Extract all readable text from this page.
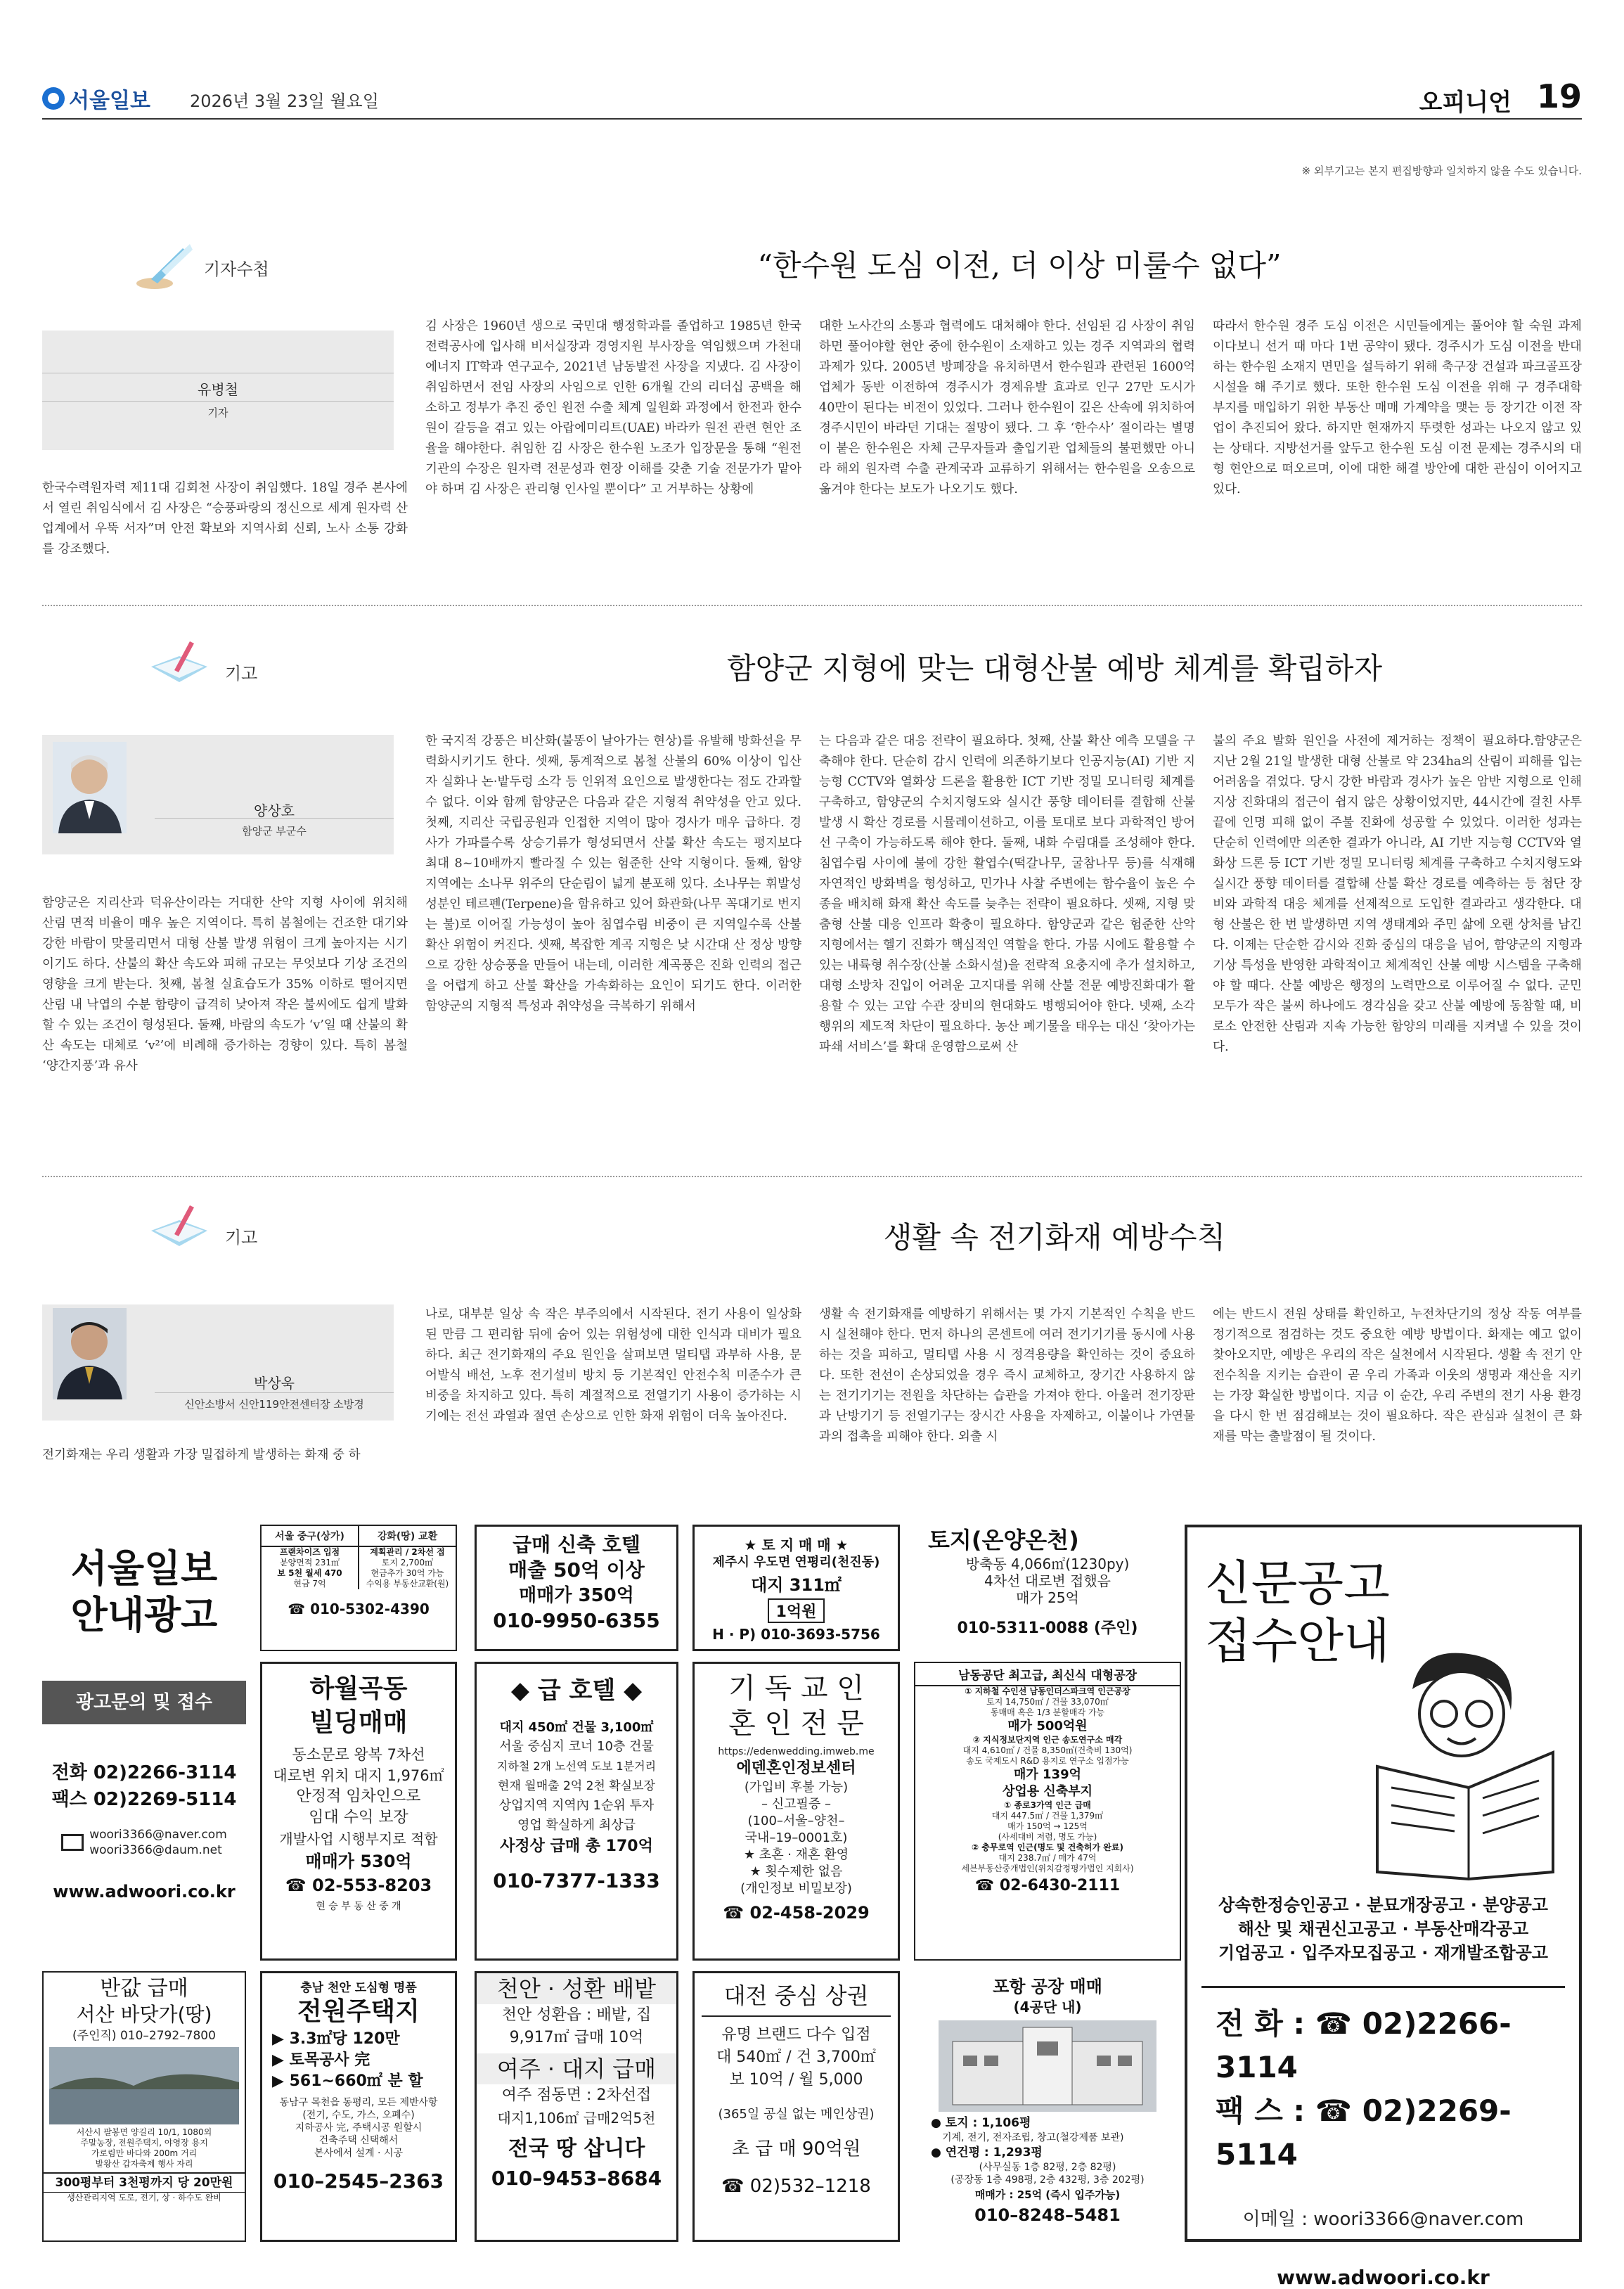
서울일보 2026년 3월 23일 월요일	오피니언 19
※ 외부기고는 본지 편집방향과 일치하지 않을 수도 있습니다.
기자수첩	“한수원 도심 이전, 더 이상 미룰수 없다”
유병철
기자
한국수력원자력 제11대 김회천 사장이 취임했다. 18일 경주 본사에서 열린 취임식에서 김 사장은 “승풍파랑의 정신으로 세계 원자력 산업계에서 우뚝 서자”며 안전 확보와 지역사회 신뢰, 노사 소통 강화를 강조했다.
김 사장은 1960년 생으로 국민대 행정학과를 졸업하고 1985년 한국전력공사에 입사해 비서실장과 경영지원 부사장을 역임했으며 가천대 에너지 IT학과 연구교수, 2021년 남동발전 사장을 지냈다. 김 사장이 취임하면서 전임 사장의 사임으로 인한 6개월 간의 리더십 공백을 해소하고 정부가 추진 중인 원전 수출 체계 일원화 과정에서 한전과 한수원이 갈등을 겪고 있는 아랍에미리트(UAE) 바라카 원전 관련 현안 조율을 해야한다. 취임한 김 사장은 한수원 노조가 입장문을 통해 “원전기관의 수장은 원자력 전문성과 현장 이해를 갖춘 기술 전문가가 맡아야 하며 김 사장은 관리형 인사일 뿐이다” 고 거부하는 상황에
대한 노사간의 소통과 협력에도 대처해야 한다. 선임된 김 사장이 취임하면 풀어야할 현안 중에 한수원이 소재하고 있는 경주 지역과의 협력 과제가 있다. 2005년 방폐장을 유치하면서 한수원과 관련된 1600억 업체가 동반 이전하여 경주시가 경제유발 효과로 인구 27만 도시가 40만이 된다는 비전이 있었다. 그러나 한수원이 깊은 산속에 위치하여 경주시민이 바라던 기대는 절망이 됐다. 그 후 ‘한수사’ 절이라는 별명이 붙은 한수원은 자체 근무자들과 출입기관 업체들의 불편했만 아니라 해외 원자력 수출 관계국과 교류하기 위해서는 한수원을 오송으로 옮겨야 한다는 보도가 나오기도 했다.
따라서 한수원 경주 도심 이전은 시민들에게는 풀어야 할 숙원 과제 이다보니 선거 때 마다 1번 공약이 됐다. 경주시가 도심 이전을 반대하는 한수원 소재지 면민을 설득하기 위해 축구장 건설과 파크골프장 시설을 해 주기로 했다. 또한 한수원 도심 이전을 위해 구 경주대학 부지를 매입하기 위한 부동산 매매 가계약을 맺는 등 장기간 이전 작업이 추진되어 왔다. 하지만 현재까지 뚜렷한 성과는 나오지 않고 있는 상태다. 지방선거를 앞두고 한수원 도심 이전 문제는 경주시의 대형 현안으로 떠오르며, 이에 대한 해결 방안에 대한 관심이 이어지고 있다.
기고	함양군 지형에 맞는 대형산불 예방 체계를 확립하자
양상호
함양군 부군수
함양군은 지리산과 덕유산이라는 거대한 산악 지형 사이에 위치해 산림 면적 비율이 매우 높은 지역이다. 특히 봄철에는 건조한 대기와 강한 바람이 맞물리면서 대형 산불 발생 위험이 크게 높아지는 시기이기도 하다. 산불의 확산 속도와 피해 규모는 무엇보다 기상 조건의 영향을 크게 받는다. 첫째, 봄철 실효습도가 35% 이하로 떨어지면 산림 내 낙엽의 수분 함량이 급격히 낮아져 작은 불씨에도 쉽게 발화할 수 있는 조건이 형성된다. 둘째, 바람의 속도가 ‘v’일 때 산불의 확산 속도는 대체로 ‘v²’에 비례해 증가하는 경향이 있다. 특히 봄철 ‘양간지풍’과 유사
한 국지적 강풍은 비산화(불똥이 날아가는 현상)를 유발해 방화선을 무력화시키기도 한다. 셋째, 통계적으로 봄철 산불의 60% 이상이 입산자 실화나 논·밭두렁 소각 등 인위적 요인으로 발생한다는 점도 간과할 수 없다. 이와 함께 함양군은 다음과 같은 지형적 취약성을 안고 있다. 첫째, 지리산 국립공원과 인접한 지역이 많아 경사가 매우 급하다. 경사가 가파를수록 상승기류가 형성되면서 산불 확산 속도는 평지보다 최대 8~10배까지 빨라질 수 있는 험준한 산악 지형이다. 둘째, 함양 지역에는 소나무 위주의 단순림이 넓게 분포해 있다. 소나무는 휘발성 성분인 테르펜(Terpene)을 함유하고 있어 화관화(나무 꼭대기로 번지는 불)로 이어질 가능성이 높아 침엽수림 비중이 큰 지역일수록 산불 확산 위험이 커진다. 셋째, 복잡한 계곡 지형은 낮 시간대 산 정상 방향으로 강한 상승풍을 만들어 내는데, 이러한 계곡풍은 진화 인력의 접근을 어렵게 하고 산불 확산을 가속화하는 요인이 되기도 한다. 이러한 함양군의 지형적 특성과 취약성을 극복하기 위해서
는 다음과 같은 대응 전략이 필요하다. 첫째, 산불 확산 예측 모델을 구축해야 한다. 단순히 감시 인력에 의존하기보다 인공지능(AI) 기반 지능형 CCTV와 열화상 드론을 활용한 ICT 기반 정밀 모니터링 체계를 구축하고, 함양군의 수치지형도와 실시간 풍향 데이터를 결합해 산불 발생 시 확산 경로를 시뮬레이션하고, 이를 토대로 보다 과학적인 방어선 구축이 가능하도록 해야 한다. 둘째, 내화 수림대를 조성해야 한다. 침엽수림 사이에 불에 강한 활엽수(떡갈나무, 굴참나무 등)를 식재해 자연적인 방화벽을 형성하고, 민가나 사찰 주변에는 함수율이 높은 수종을 배치해 화재 확산 속도를 늦추는 전략이 필요하다. 셋째, 지형 맞춤형 산불 대응 인프라 확충이 필요하다. 함양군과 같은 험준한 산악 지형에서는 헬기 진화가 핵심적인 역할을 한다. 가뭄 시에도 활용할 수 있는 내륙형 취수장(산불 소화시설)을 전략적 요충지에 추가 설치하고, 대형 소방차 진입이 어려운 고지대를 위해 산불 전문 예방진화대가 활용할 수 있는 고압 수관 장비의 현대화도 병행되어야 한다. 넷째, 소각 행위의 제도적 차단이 필요하다. 농산 폐기물을 태우는 대신 ‘찾아가는 파쇄 서비스’를 확대 운영함으로써 산
불의 주요 발화 원인을 사전에 제거하는 정책이 필요하다.함양군은 지난 2월 21일 발생한 대형 산불로 약 234ha의 산림이 피해를 입는 어려움을 겪었다. 당시 강한 바람과 경사가 높은 암반 지형으로 인해 지상 진화대의 접근이 쉽지 않은 상황이었지만, 44시간에 걸친 사투 끝에 인명 피해 없이 주불 진화에 성공할 수 있었다. 이러한 성과는 단순히 인력에만 의존한 결과가 아니라, AI 기반 지능형 CCTV와 열화상 드론 등 ICT 기반 정밀 모니터링 체계를 구축하고 수치지형도와 실시간 풍향 데이터를 결합해 산불 확산 경로를 예측하는 등 첨단 장비와 과학적 대응 체계를 선제적으로 도입한 결과라고 생각한다. 대형 산불은 한 번 발생하면 지역 생태계와 주민 삶에 오랜 상처를 남긴다. 이제는 단순한 감시와 진화 중심의 대응을 넘어, 함양군의 지형과 기상 특성을 반영한 과학적이고 체계적인 산불 예방 시스템을 구축해야 할 때다. 산불 예방은 행정의 노력만으로 이루어질 수 없다. 군민 모두가 작은 불씨 하나에도 경각심을 갖고 산불 예방에 동참할 때, 비로소 안전한 산림과 지속 가능한 함양의 미래를 지켜낼 수 있을 것이다.
기고	생활 속 전기화재 예방수칙
박상욱
신안소방서 신안119안전센터장 소방경
전기화재는 우리 생활과 가장 밀접하게 발생하는 화재 중 하
나로, 대부분 일상 속 작은 부주의에서 시작된다. 전기 사용이 일상화된 만큼 그 편리함 뒤에 숨어 있는 위험성에 대한 인식과 대비가 필요하다. 최근 전기화재의 주요 원인을 살펴보면 멀티탭 과부하 사용, 문어발식 배선, 노후 전기설비 방치 등 기본적인 안전수칙 미준수가 큰 비중을 차지하고 있다. 특히 계절적으로 전열기기 사용이 증가하는 시기에는 전선 과열과 절연 손상으로 인한 화재 위험이 더욱 높아진다.
생활 속 전기화재를 예방하기 위해서는 몇 가지 기본적인 수칙을 반드시 실천해야 한다. 먼저 하나의 콘센트에 여러 전기기기를 동시에 사용하는 것을 피하고, 멀티탭 사용 시 정격용량을 확인하는 것이 중요하다. 또한 전선이 손상되었을 경우 즉시 교체하고, 장기간 사용하지 않는 전기기기는 전원을 차단하는 습관을 가져야 한다. 아울러 전기장판과 난방기기 등 전열기구는 장시간 사용을 자제하고, 이불이나 가연물과의 접촉을 피해야 한다. 외출 시
에는 반드시 전원 상태를 확인하고, 누전차단기의 정상 작동 여부를 정기적으로 점검하는 것도 중요한 예방 방법이다. 화재는 예고 없이 찾아오지만, 예방은 우리의 작은 실천에서 시작된다. 생활 속 전기 안전수칙을 지키는 습관이 곧 우리 가족과 이웃의 생명과 재산을 지키는 가장 확실한 방법이다. 지금 이 순간, 우리 주변의 전기 사용 환경을 다시 한 번 점검해보는 것이 필요하다. 작은 관심과 실천이 큰 화재를 막는 출발점이 될 것이다.
서울일보
안내광고
광고문의 및 접수
전화 02)2266-3114
팩스 02)2269-5114
woori3366@naver.com
woori3366@daum.net
www.adwoori.co.kr
서울 중구(상가)	강화(땅) 교환
프랜차이즈 입점
분양면적 231㎡
보 5천 월세 470
현금 7억
계획관리 / 2차선 접
토지 2,700㎡
현금추가 30억 가능
수익용 부동산교환(원)
☎ 010-5302-4390
급매 신축 호텔
매출 50억 이상
매매가 350억
010-9950-6355
★ 토 지 매 매 ★
제주시 우도면 연평리(천진동)
대지 311㎡
1억원
H · P) 010-3693-5756
토지(온양온천)
방축동 4,066㎡(1230py)
4차선 대로변 접했음
매가 25억
010-5311-0088 (주인)
신문공고
접수안내
상속한정승인공고 · 분묘개장공고 · 분양공고
해산 및 채권신고공고 · 부동산매각공고
기업공고 · 입주자모집공고 · 재개발조합공고
전 화 : ☎ 02)2266-3114
팩 스 : ☎ 02)2269-5114
이메일 : woori3366@naver.com
www.adwoori.co.kr
하월곡동
빌딩매매
동소문로 왕복 7차선
대로변 위치 대지 1,976㎡
안정적 임차인으로
임대 수익 보장
개발사업 시행부지로 적합
매매가 530억
☎ 02-553-8203
현 승 부 동 산 중 개
◆ 급 호텔 ◆
대지 450㎡ 건물 3,100㎡
서울 중심지 코너 10층 건물
지하철 2개 노선역 도보 1분거리
현재 월매출 2억 2천 확실보장
상업지역 지역內 1순위 투자
영업 확실하게 최상급
사정상 급매 총 170억
010-7377-1333
기 독 교 인
혼 인 전 문
https://edenwedding.imweb.me
에덴혼인정보센터
(가입비 후불 가능)
– 신고필증 –
(100–서울–양천–
국내–19–0001호)
★ 초혼 · 재혼 환영
★ 횟수제한 없음
(개인정보 비밀보장)
☎ 02-458-2029
남동공단 최고급, 최신식 대형공장
① 지하철 수인선 남동인더스파크역 인근공장
토지 14,750㎡ / 건물 33,070㎡
동매매 혹은 1/3 분할매각 가능
매가 500억원
② 지식정보단지역 인근 송도연구소 매각
대지 4,610㎡ / 건물 8,350㎡(건축비 130억)
송도 국제도시 R&D 용지로 연구소 입점가능
매가 139억
상업용 신축부지
① 종로3가역 인근 급매
대지 447.5㎡ / 건물 1,379㎡
매가 150억 → 125억
(사세대비 저렴, 명도 가능)
② 충무로역 인근(명도 및 건축허가 완료)
대지 238.7㎡ / 매가 47억
세븐부동산중개법인(위치감정평가법인 지회사)
☎ 02-6430-2111
반값 급매
서산 바닷가(땅)
(주인직) 010–2792–7800
서산시 팔봉면 양길리 10/1, 1080외
주말농장, 전원주택지, 야영장 용지
가로림만 바다와 200m 거리
발왕산 갑자축제 행사 자리
300평부터 3천평까지 당 20만원
생산관리지역 도로, 전기, 상 · 하수도 완비
충남 천안 도심형 명품
전원주택지
▶ 3.3㎡당 120만
▶ 토목공사 完
▶ 561~660㎡ 분 할
동남구 목천읍 동평리, 모든 제반사항
(전기, 수도, 가스, 오폐수)
지하공사 完, 주택시공 원할시
건축주택 신택해서
본사에서 설계 · 시공
010–2545–2363
천안 · 성환 배밭
천안 성환읍 : 배밭, 집
9,917㎡ 급매 10억
여주 · 대지 급매
여주 점동면 : 2차선접
대지1,106㎡ 급매2억5천
전국 땅 삽니다
010–9453–8684
대전 중심 상권
유명 브랜드 다수 입점
대 540㎡ / 건 3,700㎡
보 10억 / 월 5,000
(365일 공실 없는 메인상권)
초 급 매 90억원
☎ 02)532–1218
포항 공장 매매
(4공단 내)
● 토지 : 1,106평
기계, 전기, 전자조립, 창고(철강제품 보관)
● 연건평 : 1,293평
(사무실동 1층 82평, 2층 82평)
(공장동 1층 498평, 2층 432평, 3층 202평)
매매가 : 25억 (즉시 입주가능)
010–8248–5481
